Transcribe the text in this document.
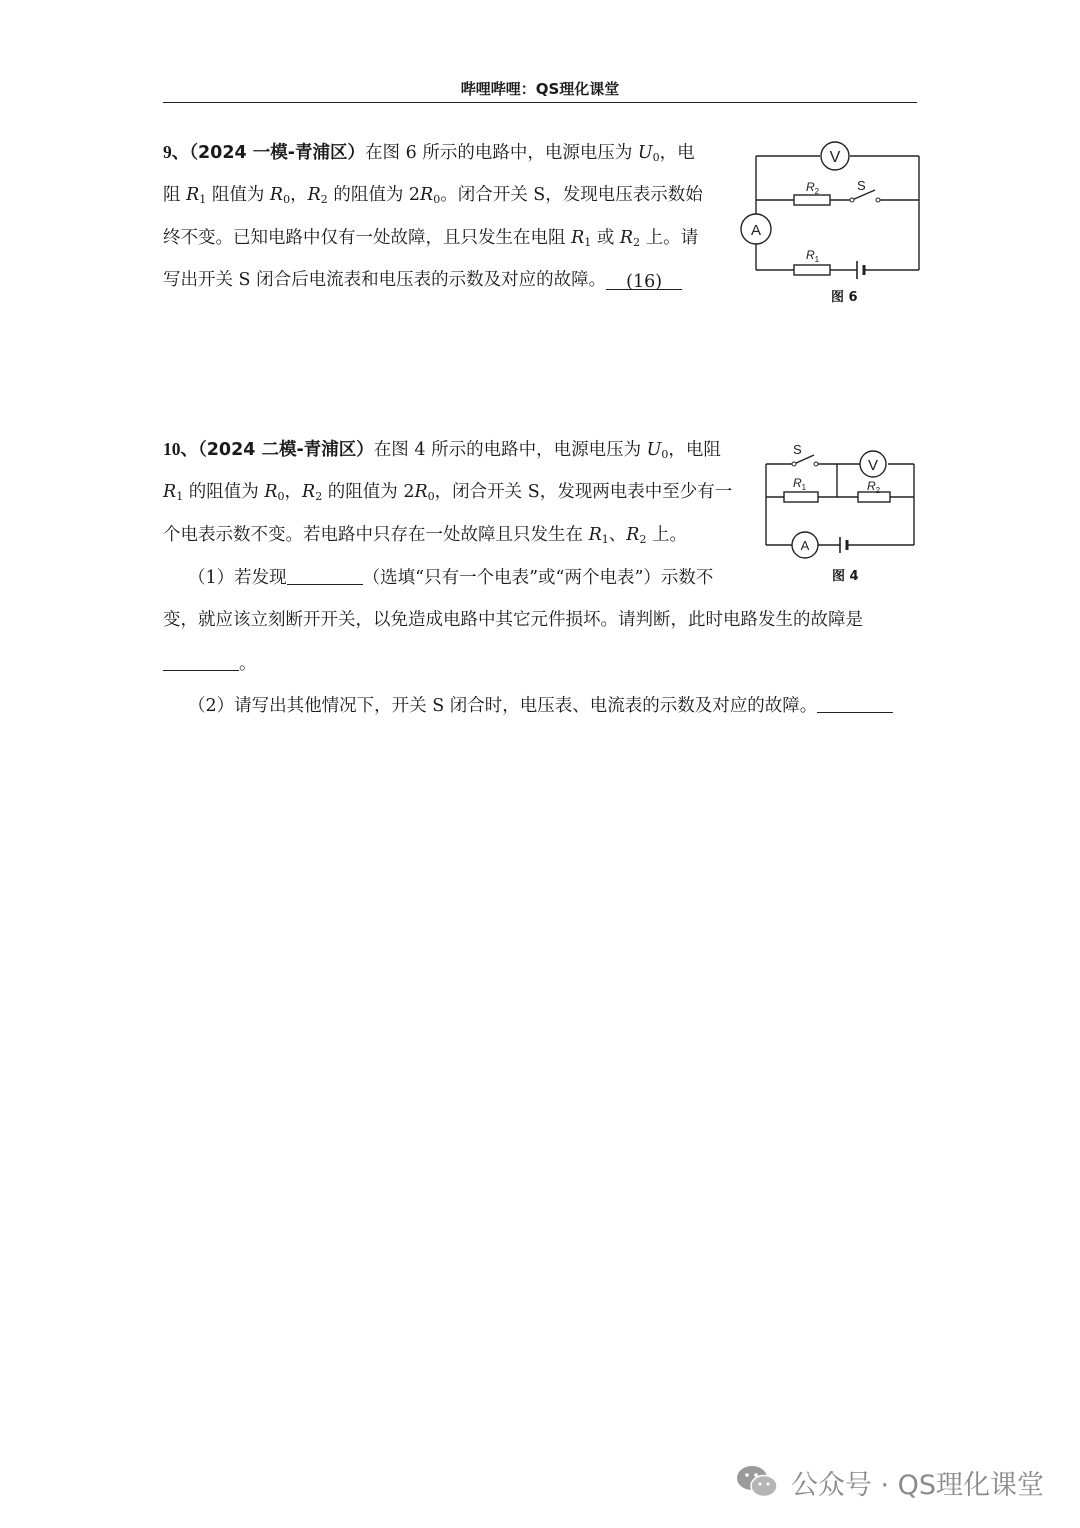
哔哩哔哩：QS理化课堂
9、（2024 一模-青浦区）在图 6 所示的电路中，电源电压为 $U_0$，电
阻 $R_1$ 阻值为 $R_0$，$R_2$ 的阻值为 $2R_0$。闭合开关 S，发现电压表示数始
终不变。已知电路中仅有一处故障，且只发生在电阻 $R_1$ 或 $R_2$ 上。请
写出开关 S 闭合后电流表和电压表的示数及对应的故障。 (16)
V
A
$R_2$	S
$R_1$
图 6
10、（2024 二模-青浦区）在图 4 所示的电路中，电源电压为 $U_0$，电阻
$R_1$ 的阻值为 $R_0$，$R_2$ 的阻值为 $2R_0$，闭合开关 S，发现两电表中至少有一
个电表示数不变。若电路中只存在一处故障且只发生在 $R_1$、$R_2$ 上。
（1）若发现	（选填“只有一个电表”或“两个电表”）示数不
变，就应该立刻断开开关，以免造成电路中其它元件损坏。请判断，此时电路发生的故障是
。
（2）请写出其他情况下，开关 S 闭合时，电压表、电流表的示数及对应的故障。
V
A
S
$R_1$	$R_2$
图 4
公众号 · QS理化课堂
